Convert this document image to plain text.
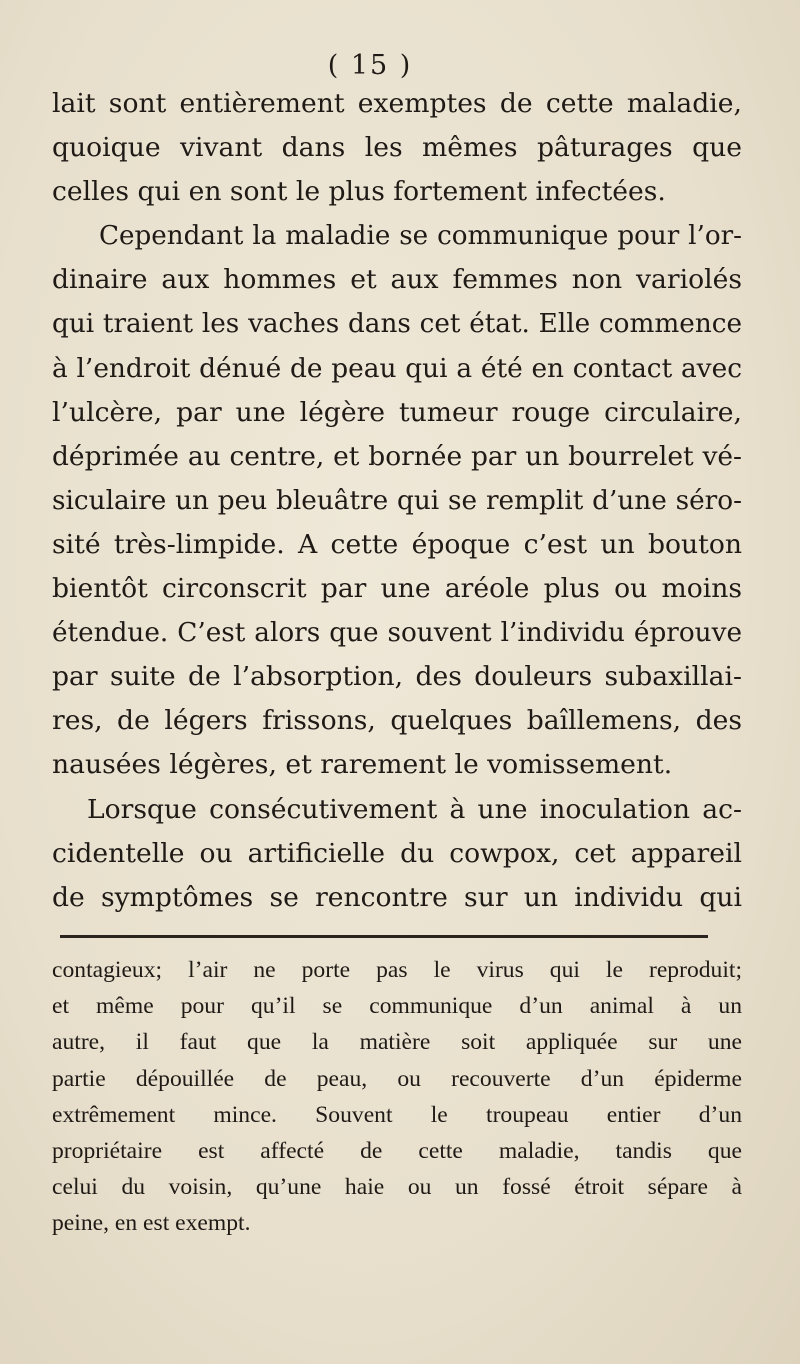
( 15 )
lait sont entièrement exemptes de cette maladie,
quoique vivant dans les mêmes pâturages que
celles qui en sont le plus fortement infectées.
Cependant la maladie se communique pour l’or-
dinaire aux hommes et aux femmes non variolés
qui traient les vaches dans cet état. Elle commence
à l’endroit dénué de peau qui a été en contact avec
l’ulcère, par une légère tumeur rouge circulaire,
déprimée au centre, et bornée par un bourrelet vé-
siculaire un peu bleuâtre qui se remplit d’une séro-
sité très-limpide. A cette époque c’est un bouton
bientôt circonscrit par une aréole plus ou moins
étendue. C’est alors que souvent l’individu éprouve
par suite de l’absorption, des douleurs subaxillai-
res, de légers frissons, quelques baîllemens, des
nausées légères, et rarement le vomissement.
Lorsque consécutivement à une inoculation ac-
cidentelle ou artificielle du cowpox, cet appareil
de symptômes se rencontre sur un individu qui
contagieux; l’air ne porte pas le virus qui le reproduit;
et même pour qu’il se communique d’un animal à un
autre, il faut que la matière soit appliquée sur une
partie dépouillée de peau, ou recouverte d’un épiderme
extrêmement mince. Souvent le troupeau entier d’un
propriétaire est affecté de cette maladie, tandis que
celui du voisin, qu’une haie ou un fossé étroit sépare à
peine, en est exempt.
